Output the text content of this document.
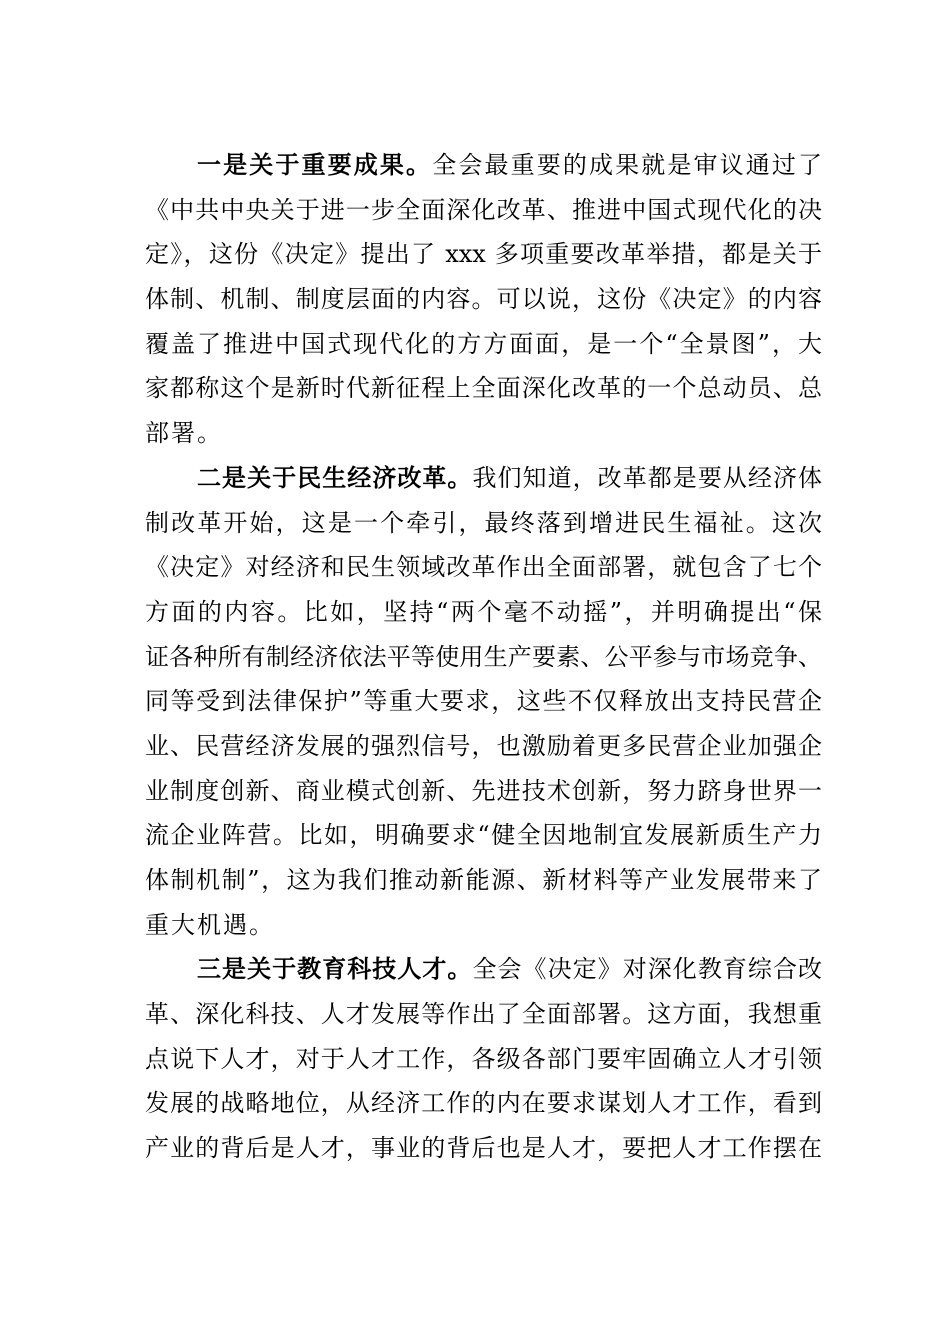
一是关于重要成果。全会最重要的成果就是审议通过了
《中共中央关于进一步全面深化改革、推进中国式现代化的决
定》，这份《决定》提出了 xxx 多项重要改革举措，都是关于
体制、机制、制度层面的内容。可以说，这份《决定》的内容
覆盖了推进中国式现代化的方方面面，是一个“全景图”，大
家都称这个是新时代新征程上全面深化改革的一个总动员、总
部署。
二是关于民生经济改革。我们知道，改革都是要从经济体
制改革开始，这是一个牵引，最终落到增进民生福祉。这次
《决定》对经济和民生领域改革作出全面部署，就包含了七个
方面的内容。比如，坚持“两个毫不动摇”，并明确提出“保
证各种所有制经济依法平等使用生产要素、公平参与市场竞争、
同等受到法律保护”等重大要求，这些不仅释放出支持民营企
业、民营经济发展的强烈信号，也激励着更多民营企业加强企
业制度创新、商业模式创新、先进技术创新，努力跻身世界一
流企业阵营。比如，明确要求“健全因地制宜发展新质生产力
体制机制”，这为我们推动新能源、新材料等产业发展带来了
重大机遇。
三是关于教育科技人才。全会《决定》对深化教育综合改
革、深化科技、人才发展等作出了全面部署。这方面，我想重
点说下人才，对于人才工作，各级各部门要牢固确立人才引领
发展的战略地位，从经济工作的内在要求谋划人才工作，看到
产业的背后是人才，事业的背后也是人才，要把人才工作摆在
